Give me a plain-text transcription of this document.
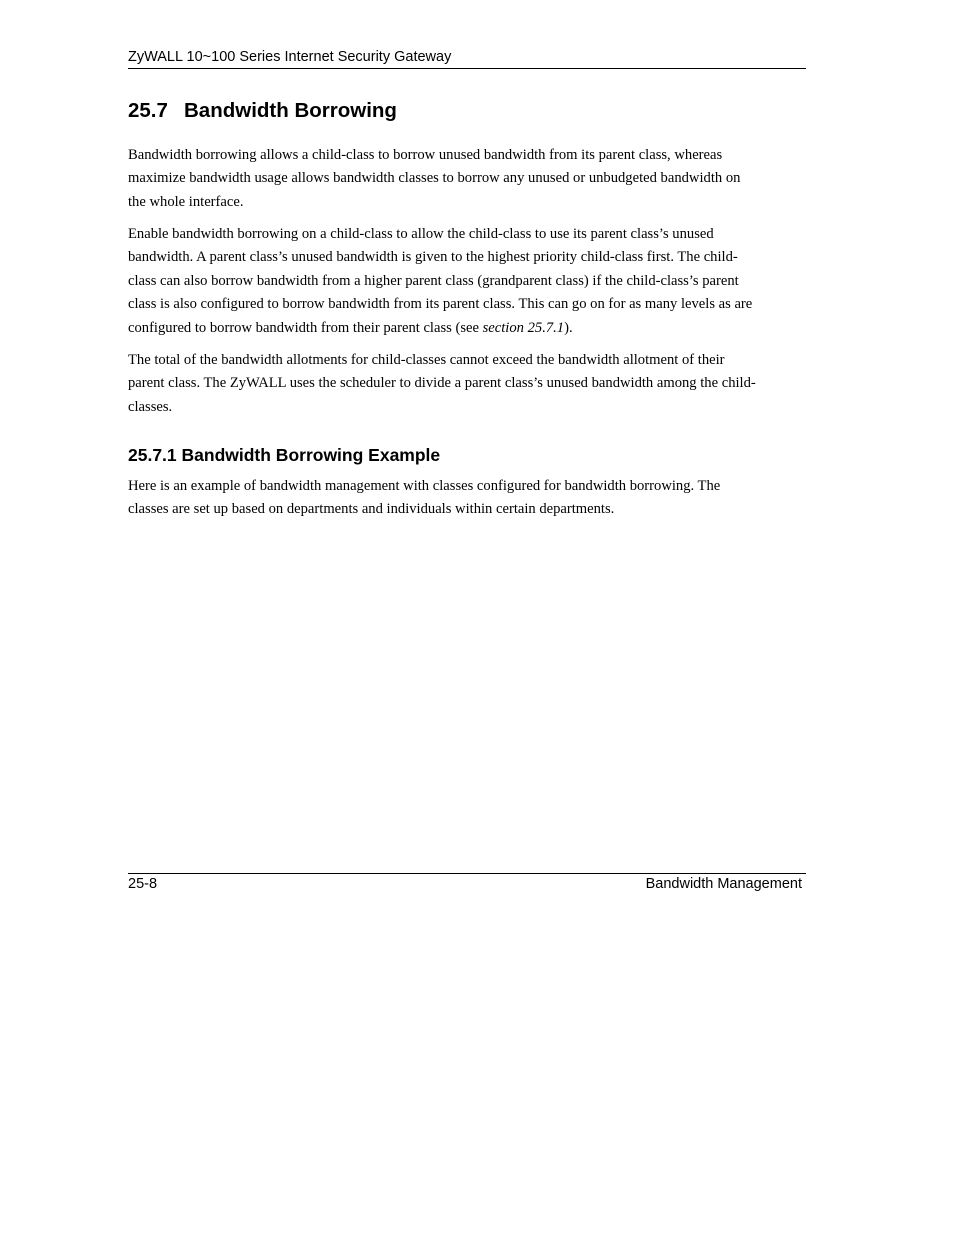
ZyWALL 10~100 Series Internet Security Gateway
25.7 Bandwidth Borrowing

Bandwidth borrowing allows a child-class to borrow unused bandwidth from its parent class, whereas
maximize bandwidth usage allows bandwidth classes to borrow any unused or unbudgeted bandwidth on
the whole interface.

Enable bandwidth borrowing on a child-class to allow the child-class to use its parent class’s unused
bandwidth. A parent class’s unused bandwidth is given to the highest priority child-class first. The child-
class can also borrow bandwidth from a higher parent class (grandparent class) if the child-class’s parent
class is also configured to borrow bandwidth from its parent class. This can go on for as many levels as are
configured to borrow bandwidth from their parent class (see section 25.7.1).

The total of the bandwidth allotments for child-classes cannot exceed the bandwidth allotment of their
parent class. The ZyWALL uses the scheduler to divide a parent class’s unused bandwidth among the child-
classes.

25.7.1 Bandwidth Borrowing Example

Here is an example of bandwidth management with classes configured for bandwidth borrowing. The
classes are set up based on departments and individuals within certain departments.

25-8	Bandwidth Management
